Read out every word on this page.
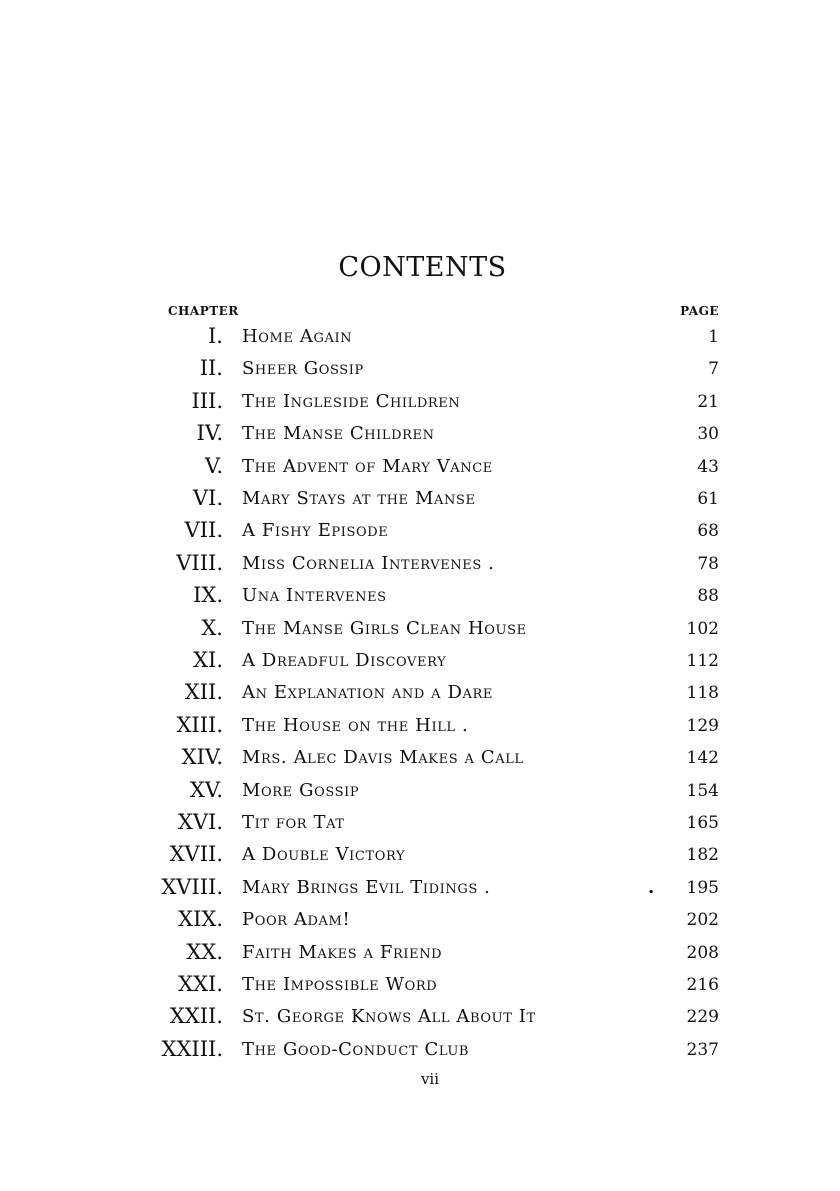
CONTENTS
CHAPTER	PAGE
I. Home Again	1
II. Sheer Gossip	7
III. The Ingleside Children	21
IV. The Manse Children	30
V. The Advent of Mary Vance	43
VI. Mary Stays at the Manse	61
VII. A Fishy Episode	68
VIII. Miss Cornelia Intervenes .	78
IX. Una Intervenes	88
X. The Manse Girls Clean House	102
XI. A Dreadful Discovery	112
XII. An Explanation and a Dare	118
XIII. The House on the Hill .	129
XIV. Mrs. Alec Davis Makes a Call	142
XV. More Gossip	154
XVI. Tit for Tat	165
XVII. A Double Victory	182
XVIII. Mary Brings Evil Tidings .	. 195
XIX. Poor Adam!	202
XX. Faith Makes a Friend	208
XXI. The Impossible Word	216
XXII. St. George Knows All About It	229
XXIII. The Good-Conduct Club	237
vii
